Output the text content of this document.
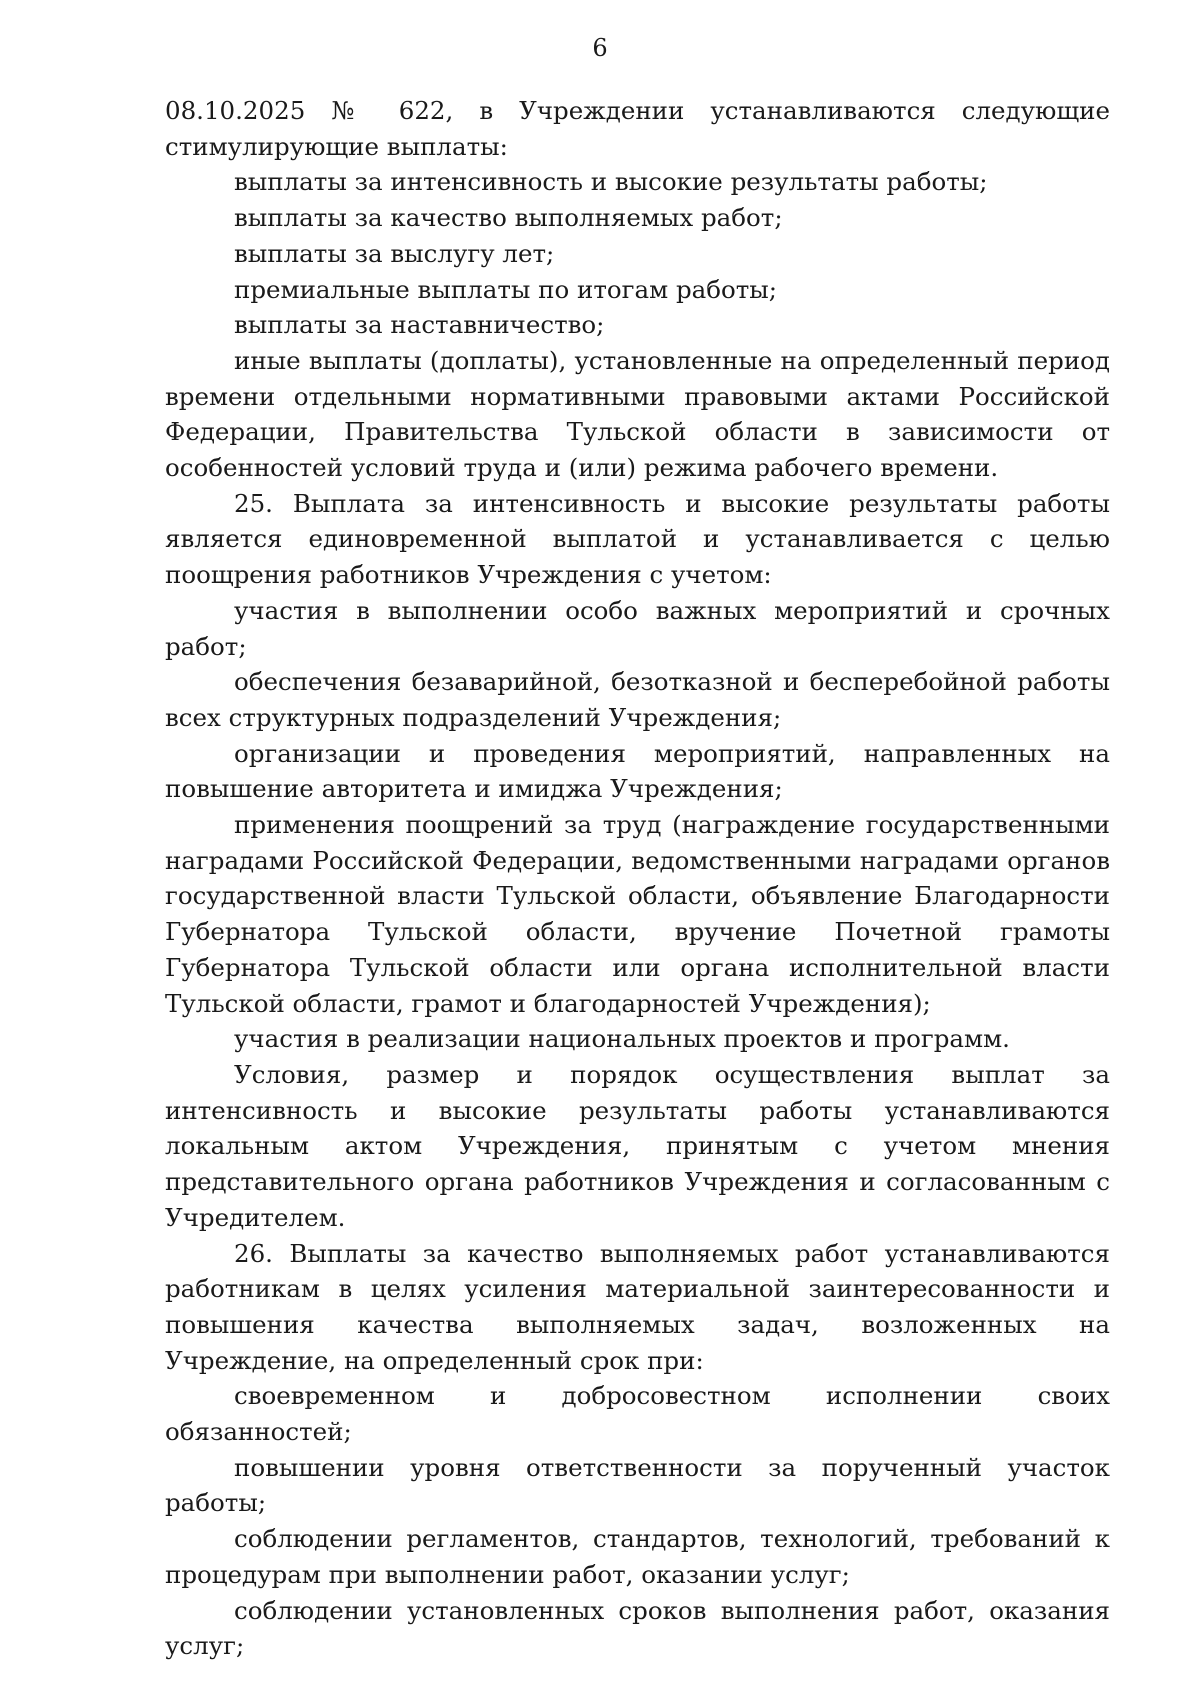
6

08.10.2025 № 622, в Учреждении устанавливаются следующие стимулирующие выплаты:

выплаты за интенсивность и высокие результаты работы;

выплаты за качество выполняемых работ;

выплаты за выслугу лет;

премиальные выплаты по итогам работы;

выплаты за наставничество;

иные выплаты (доплаты), установленные на определенный период времени отдельными нормативными правовыми актами Российской Федерации, Правительства Тульской области в зависимости от особенностей условий труда и (или) режима рабочего времени.

25. Выплата за интенсивность и высокие результаты работы является единовременной выплатой и устанавливается с целью поощрения работников Учреждения с учетом:

участия в выполнении особо важных мероприятий и срочных работ;

обеспечения безаварийной, безотказной и бесперебойной работы всех структурных подразделений Учреждения;

организации и проведения мероприятий, направленных на повышение авторитета и имиджа Учреждения;

применения поощрений за труд (награждение государственными наградами Российской Федерации, ведомственными наградами органов государственной власти Тульской области, объявление Благодарности Губернатора Тульской области, вручение Почетной грамоты Губернатора Тульской области или органа исполнительной власти Тульской области, грамот и благодарностей Учреждения);

участия в реализации национальных проектов и программ.

Условия, размер и порядок осуществления выплат за интенсивность и высокие результаты работы устанавливаются локальным актом Учреждения, принятым с учетом мнения представительного органа работников Учреждения и согласованным с Учредителем.

26. Выплаты за качество выполняемых работ устанавливаются работникам в целях усиления материальной заинтересованности и повышения качества выполняемых задач, возложенных на Учреждение, на определенный срок при:

своевременном и добросовестном исполнении своих обязанностей;

повышении уровня ответственности за порученный участок работы;

соблюдении регламентов, стандартов, технологий, требований к процедурам при выполнении работ, оказании услуг;

соблюдении установленных сроков выполнения работ, оказания услуг;
